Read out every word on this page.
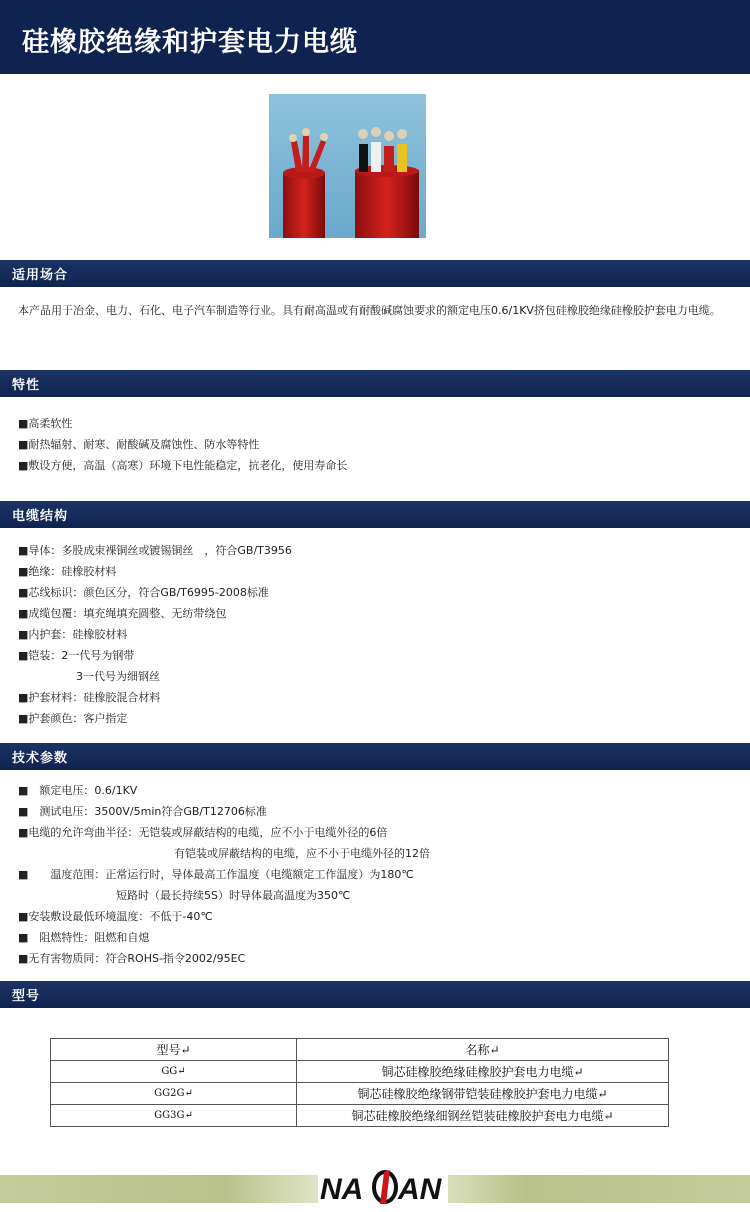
硅橡胶绝缘和护套电力电缆
适用场合
本产品用于冶金、电力、石化、电子汽车制造等行业。具有耐高温或有耐酸碱腐蚀要求的额定电压0.6/1KV挤包硅橡胶绝缘硅橡胶护套电力电缆。
特性
■高柔软性
■耐热辐射、耐寒、耐酸碱及腐蚀性、防水等特性
■敷设方便，高温（高寒）环境下电性能稳定，抗老化，使用寿命长
电缆结构
■导体：多股成束裸铜丝或镀锡铜丝　，符合GB/T3956
■绝缘：硅橡胶材料
■芯线标识：颜色区分，符合GB/T6995-2008标准
■成缆包覆：填充绳填充圆整、无纺带绕包
■内护套：硅橡胶材料
■铠装：2一代号为钢带
3一代号为细钢丝
■护套材料：硅橡胶混合材料
■护套颜色：客户指定
技术参数
■　额定电压：0.6/1KV
■　测试电压：3500V/5min符合GB/T12706标准
■电缆的允许弯曲半径：无铠装或屏蔽结构的电缆，应不小于电缆外径的6倍
有铠装或屏蔽结构的电缆，应不小于电缆外径的12倍
■　　温度范围：正常运行时，导体最高工作温度（电缆额定工作温度）为180℃
短路时（最长持续5S）时导体最高温度为350℃
■安装敷设最低环境温度：不低于-40℃
■　阻燃特性：阻燃和自熄
■无有害物质同：符合ROHS-指令2002/95EC
型号
型号↵	名称↵
GG↵	铜芯硅橡胶绝缘硅橡胶护套电力电缆↵
GG2G↵	铜芯硅橡胶绝缘钢带铠装硅橡胶护套电力电缆↵
GG3G↵	铜芯硅橡胶绝缘细钢丝铠装硅橡胶护套电力电缆↵
NA AN
